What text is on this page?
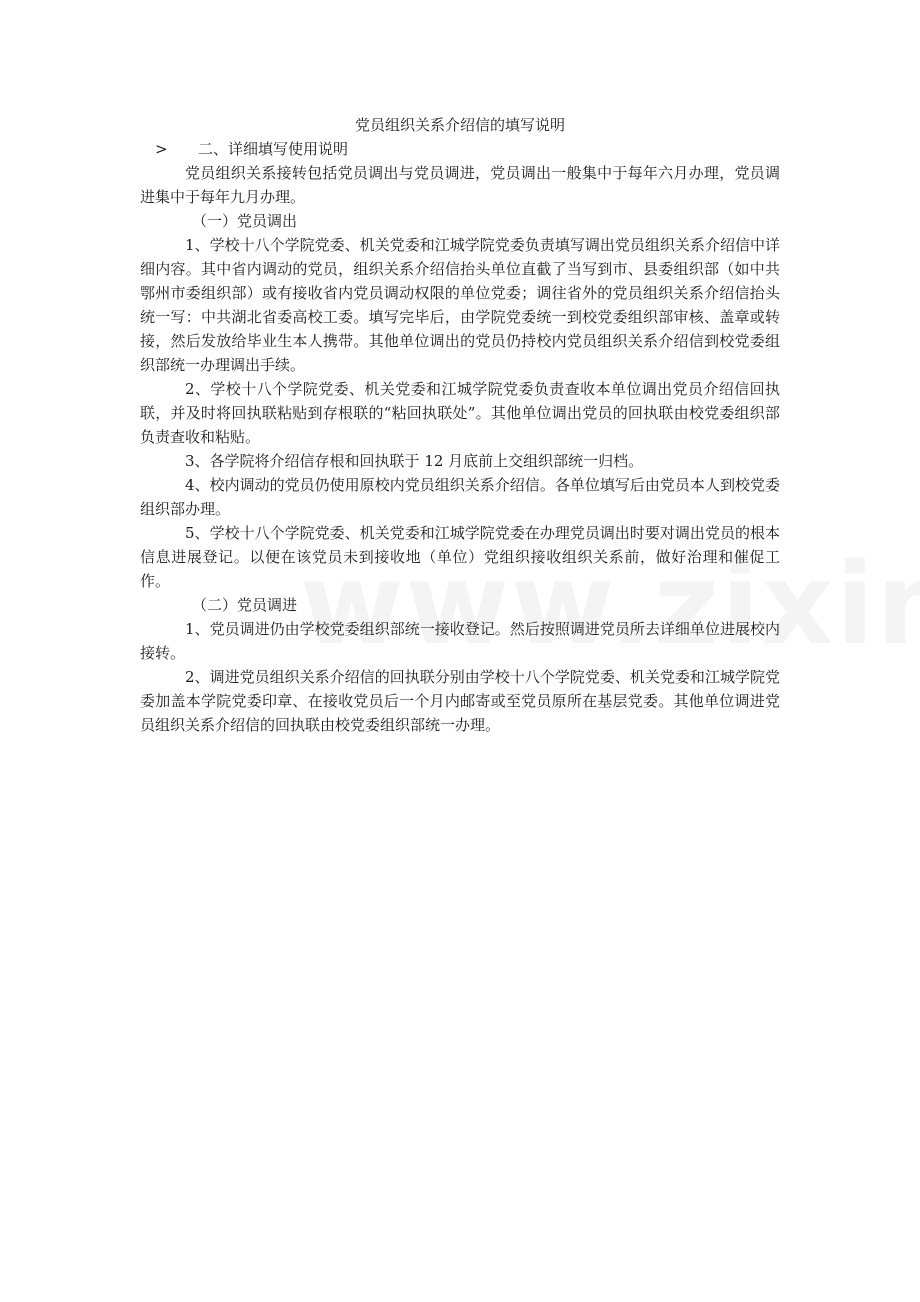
党员组织关系介绍信的填写说明

> 二、详细填写使用说明

党员组织关系接转包括党员调出与党员调进，党员调出一般集中于每年六月办理，党员调进集中于每年九月办理。

（一）党员调出

1、学校十八个学院党委、机关党委和江城学院党委负责填写调出党员组织关系介绍信中详细内容。其中省内调动的党员，组织关系介绍信抬头单位直截了当写到市、县委组织部（如中共鄂州市委组织部）或有接收省内党员调动权限的单位党委；调往省外的党员组织关系介绍信抬头统一写：中共湖北省委高校工委。填写完毕后，由学院党委统一到校党委组织部审核、盖章或转接，然后发放给毕业生本人携带。其他单位调出的党员仍持校内党员组织关系介绍信到校党委组织部统一办理调出手续。

2、学校十八个学院党委、机关党委和江城学院党委负责查收本单位调出党员介绍信回执联，并及时将回执联粘贴到存根联的“粘回执联处”。其他单位调出党员的回执联由校党委组织部负责查收和粘贴。

3、各学院将介绍信存根和回执联于 12 月底前上交组织部统一归档。

4、校内调动的党员仍使用原校内党员组织关系介绍信。各单位填写后由党员本人到校党委组织部办理。

5、学校十八个学院党委、机关党委和江城学院党委在办理党员调出时要对调出党员的根本信息进展登记。以便在该党员未到接收地（单位）党组织接收组织关系前，做好治理和催促工作。

（二）党员调进

1、党员调进仍由学校党委组织部统一接收登记。然后按照调进党员所去详细单位进展校内接转。

2、调进党员组织关系介绍信的回执联分别由学校十八个学院党委、机关党委和江城学院党委加盖本学院党委印章、在接收党员后一个月内邮寄或至党员原所在基层党委。其他单位调进党员组织关系介绍信的回执联由校党委组织部统一办理。
